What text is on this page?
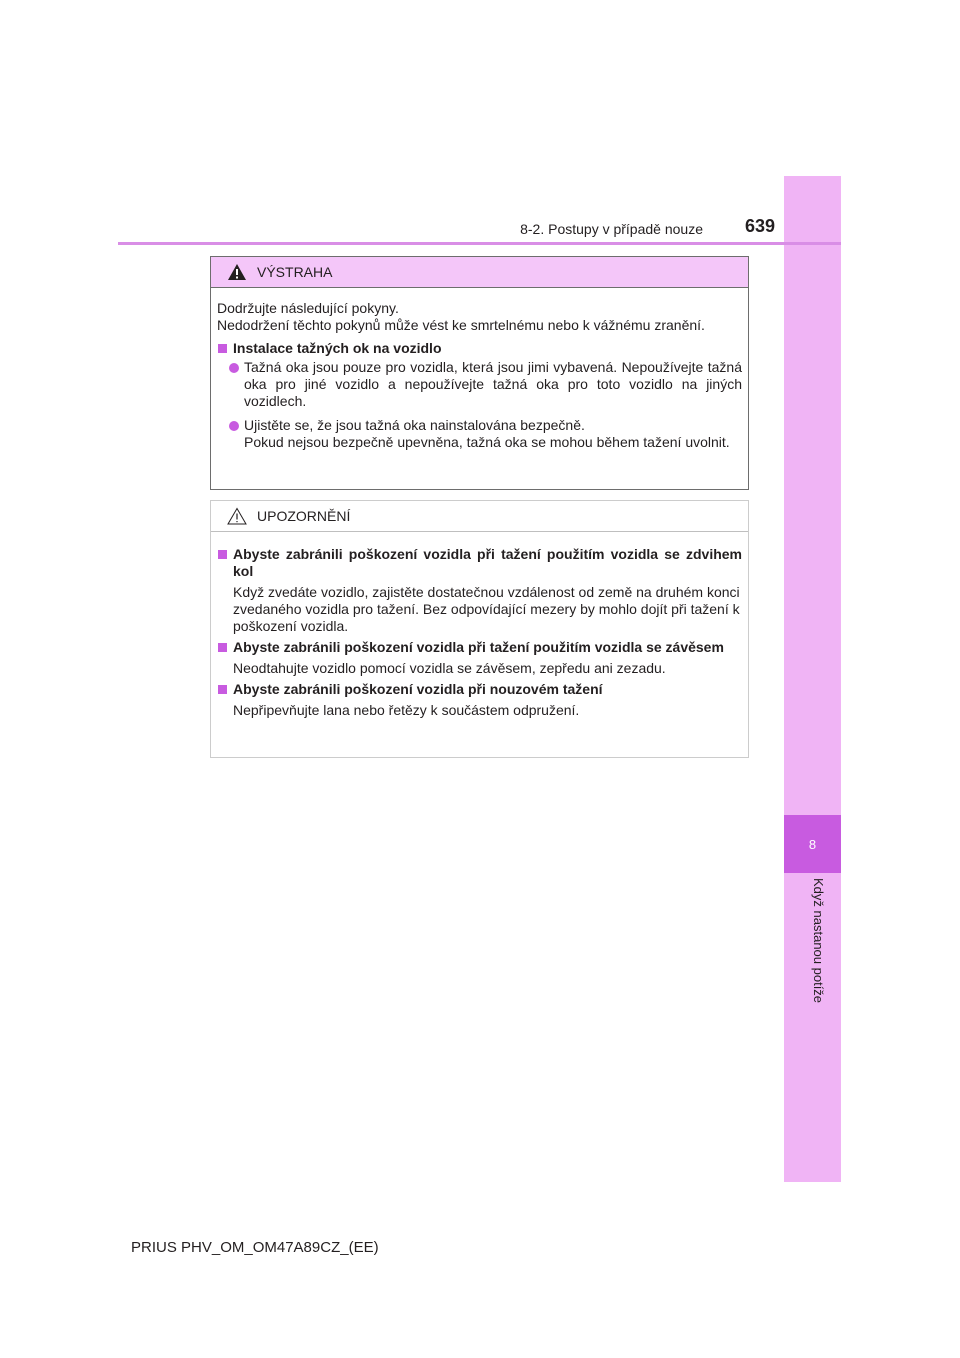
8
Když nastanou potíže
8-2. Postupy v případě nouze	639
VÝSTRAHA

Dodržujte následující pokyny.

Nedodržení těchto pokynů může vést ke smrtelnému nebo k vážnému zranění.

Instalace tažných ok na vozidlo
Tažná oka jsou pouze pro vozidla, která jsou jimi vybavená. Nepoužívejte tažná oka pro jiné vozidlo a nepoužívejte tažná oka pro toto vozidlo na jiných vozidlech.
Ujistěte se, že jsou tažná oka nainstalována bezpečně.
Pokud nejsou bezpečně upevněna, tažná oka se mohou během tažení uvolnit.
UPOZORNĚNÍ
Abyste zabránili poškození vozidla při tažení použitím vozidla se zdvihem kol

Když zvedáte vozidlo, zajistěte dostatečnou vzdálenost od země na druhém konci zvedaného vozidla pro tažení. Bez odpovídající mezery by mohlo dojít při tažení k poškození vozidla.

Abyste zabránili poškození vozidla při tažení použitím vozidla se závěsem

Neodtahujte vozidlo pomocí vozidla se závěsem, zepředu ani zezadu.

Abyste zabránili poškození vozidla při nouzovém tažení

Nepřipevňujte lana nebo řetězy k součástem odpružení.

PRIUS PHV_OM_OM47A89CZ_(EE)
